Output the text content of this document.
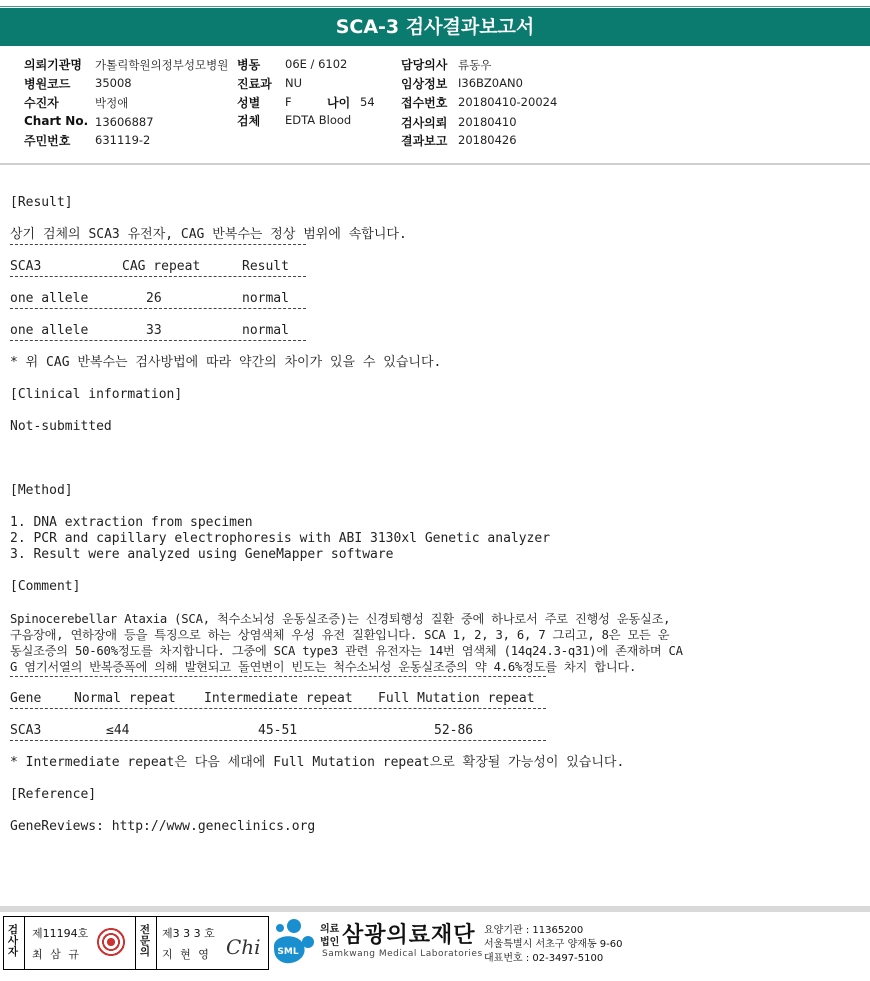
SCA-3 검사결과보고서
의뢰기관명 가톨릭학원의정부성모병원
병원코드 35008
수진자	박정애
Chart No. 13606887
주민번호 631119-2
병동 06E / 6102
진료과 NU
성별 F	나이 54
검체 EDTA Blood
담당의사 류동우
임상정보 I36BZ0AN0
접수번호 20180410-20024
검사의뢰 20180410
결과보고 20180426
[Result]
상기 검체의 SCA3 유전자, CAG 반복수는 정상 범위에 속합니다.
SCA3	CAG repeat	Result
one allele	26	normal
one allele	33	normal
* 위 CAG 반복수는 검사방법에 따라 약간의 차이가 있을 수 있습니다.
[Clinical information]
Not-submitted
[Method]
1. DNA extraction from specimen
2. PCR and capillary electrophoresis with ABI 3130xl Genetic analyzer
3. Result were analyzed using GeneMapper software
[Comment]
Spinocerebellar Ataxia (SCA, 척수소뇌성 운동실조증)는 신경퇴행성 질환 중에 하나로서 주로 진행성 운동실조,
구음장애, 연하장애 등을 특징으로 하는 상염색체 우성 유전 질환입니다. SCA 1, 2, 3, 6, 7 그리고, 8은 모든 운
동실조증의 50-60%정도를 차지합니다. 그중에 SCA type3 관련 유전자는 14번 염색체 (14q24.3-q31)에 존재하며 CA
G 염기서열의 반복증폭에 의해 발현되고 돌연변이 빈도는 척수소뇌성 운동실조증의 약 4.6%정도를 차지 합니다.
Gene	Normal repeat Intermediate repeat Full Mutation repeat
SCA3	≤44	45-51	52-86
* Intermediate repeat은 다음 세대에 Full Mutation repeat으로 확장될 가능성이 있습니다.
[Reference]
GeneReviews: http://www.geneclinics.org
검
사
자
제11194호
최 삼 규
전
문
의
제3 3 3 호
지 현 영 Chi SML
의료
법인 삼광의료재단
Samkwang Medical Laboratories
요양기관 : 11365200
서울특별시 서초구 양재동 9-60
대표번호 : 02-3497-5100
